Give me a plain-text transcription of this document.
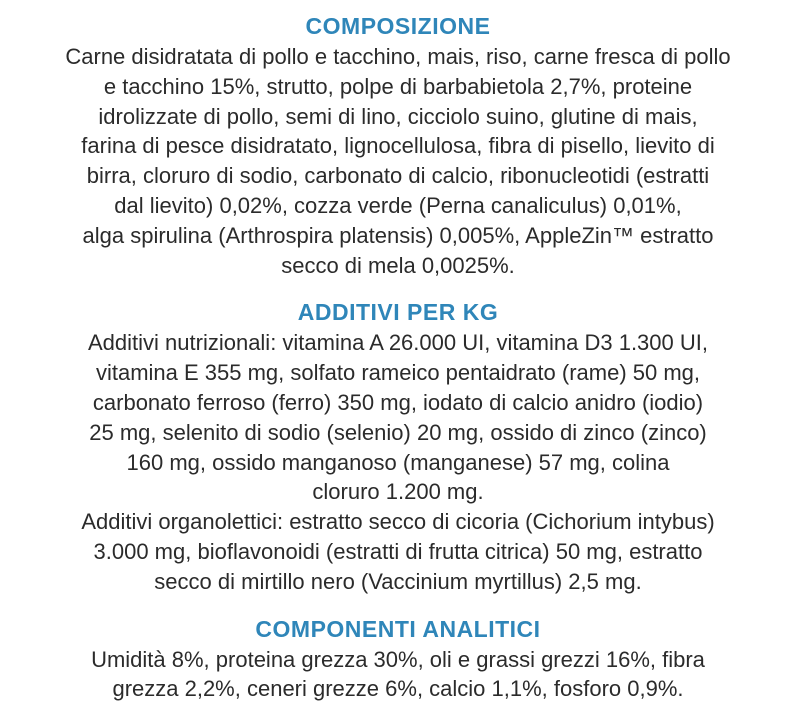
COMPOSIZIONE
Carne disidratata di pollo e tacchino, mais, riso, carne fresca di pollo
e tacchino 15%, strutto, polpe di barbabietola 2,7%, proteine
idrolizzate di pollo, semi di lino, cicciolo suino, glutine di mais,
farina di pesce disidratato, lignocellulosa, fibra di pisello, lievito di
birra, cloruro di sodio, carbonato di calcio, ribonucleotidi (estratti
dal lievito) 0,02%, cozza verde (Perna canaliculus) 0,01%,
alga spirulina (Arthrospira platensis) 0,005%, AppleZin™ estratto
secco di mela 0,0025%.
ADDITIVI PER KG
Additivi nutrizionali: vitamina A 26.000 UI, vitamina D3 1.300 UI,
vitamina E 355 mg, solfato rameico pentaidrato (rame) 50 mg,
carbonato ferroso (ferro) 350 mg, iodato di calcio anidro (iodio)
25 mg, selenito di sodio (selenio) 20 mg, ossido di zinco (zinco)
160 mg, ossido manganoso (manganese) 57 mg, colina
cloruro 1.200 mg.
Additivi organolettici: estratto secco di cicoria (Cichorium intybus)
3.000 mg, bioflavonoidi (estratti di frutta citrica) 50 mg, estratto
secco di mirtillo nero (Vaccinium myrtillus) 2,5 mg.
COMPONENTI ANALITICI
Umidità 8%, proteina grezza 30%, oli e grassi grezzi 16%, fibra
grezza 2,2%, ceneri grezze 6%, calcio 1,1%, fosforo 0,9%.
